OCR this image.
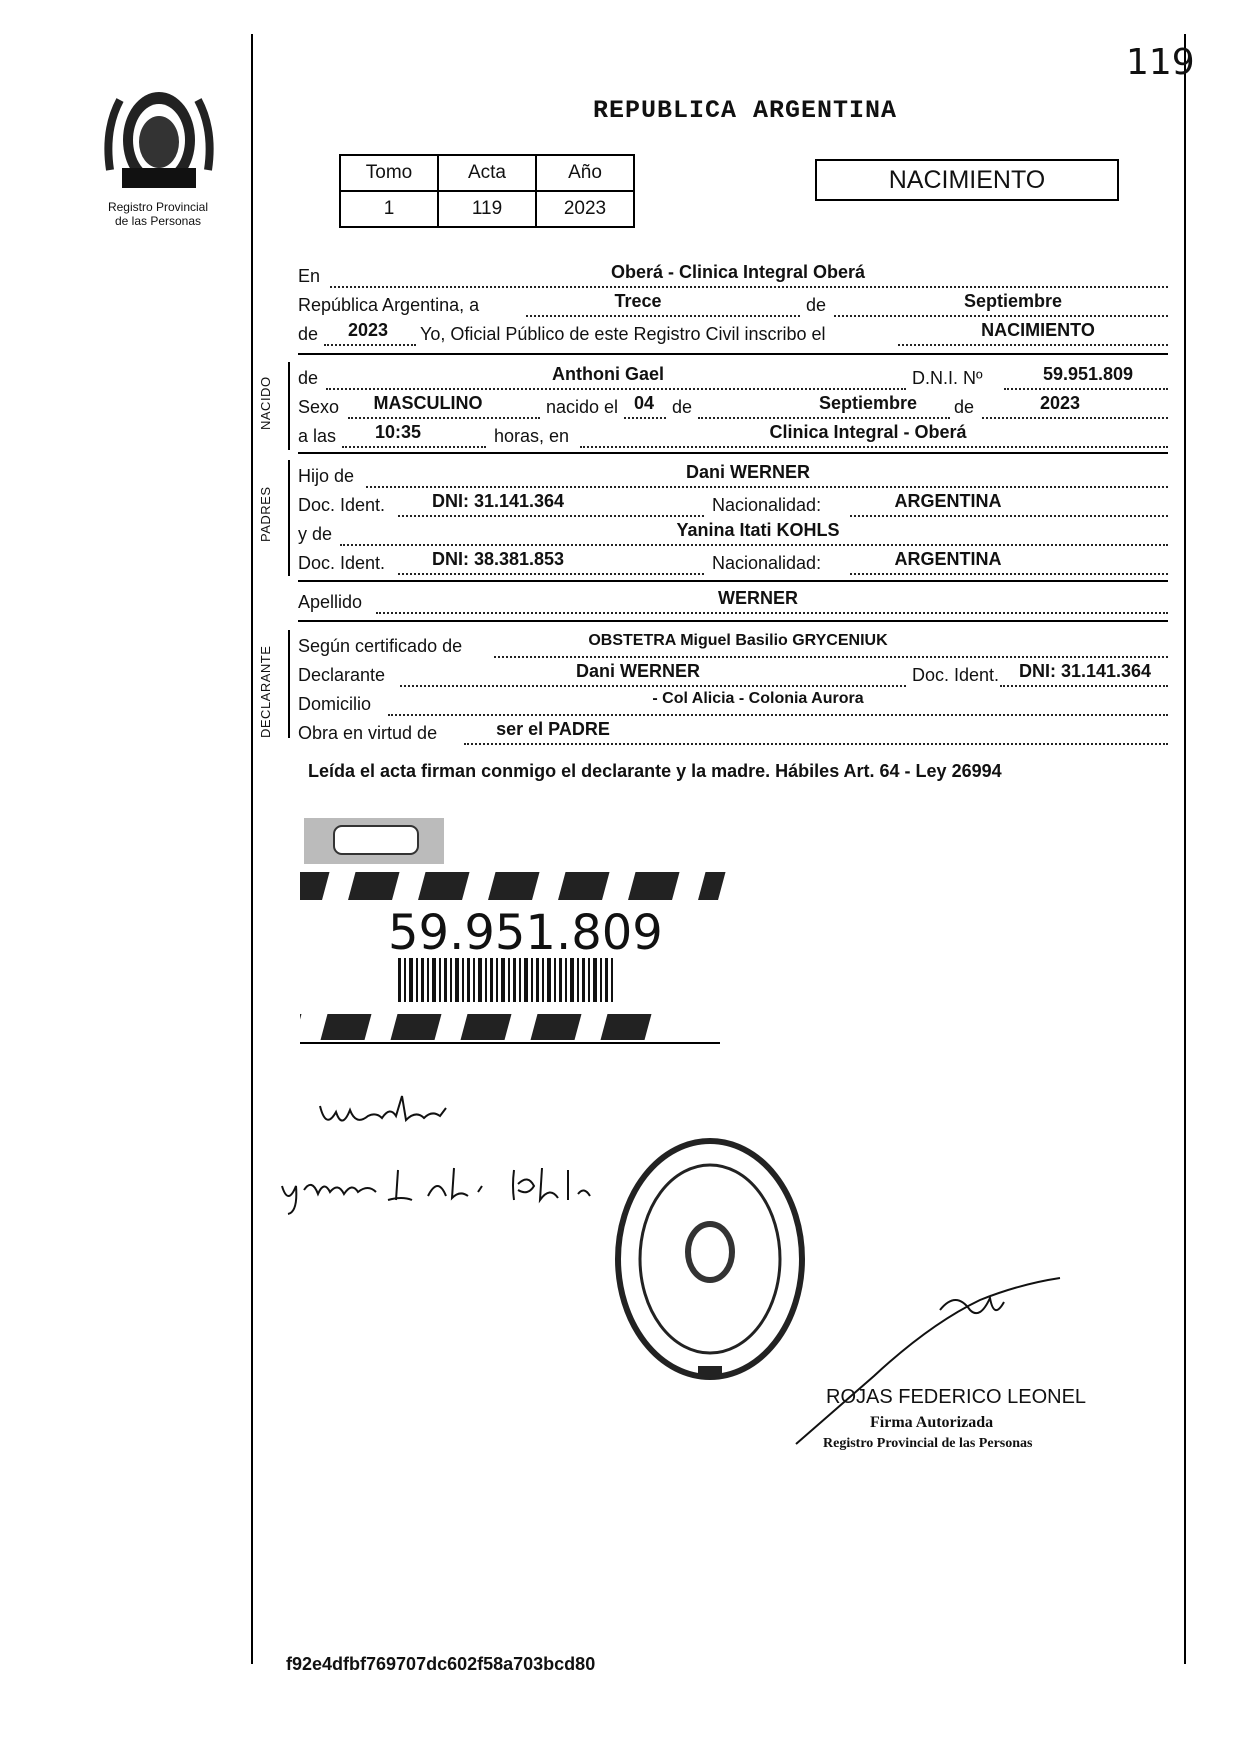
119
Registro Provincial
de las Personas
REPUBLICA ARGENTINA
Tomo	Acta	Año
1	119	2023
NACIMIENTO
En	Oberá - Clinica Integral Oberá
República Argentina, a	Trece	de	Septiembre
de	2023	Yo, Oficial Público de este Registro Civil inscribo el	NACIMIENTO
NACIDO de	Anthoni Gael	D.N.I. Nº	59.951.809
Sexo	MASCULINO	nacido el 04 de	Septiembre	de	2023
a las	10:35	horas, en	Clinica Integral - Oberá
PADRES
Hijo de	Dani WERNER
Doc. Ident.	DNI: 31.141.364	Nacionalidad:	ARGENTINA
y de	Yanina Itati KOHLS
Doc. Ident.	DNI: 38.381.853	Nacionalidad:	ARGENTINA
Apellido	WERNER
DECLARANTE Según certificado de	OBSTETRA Miguel Basilio GRYCENIUK
Declarante	Dani WERNER	Doc. Ident.	DNI: 31.141.364
Domicilio	- Col Alicia - Colonia Aurora
Obra en virtud de	ser el PADRE
Leída el acta firman conmigo el declarante y la madre. Hábiles Art. 64 - Ley 26994
59.951.809
ROJAS FEDERICO LEONEL
Firma Autorizada
Registro Provincial de las Personas
f92e4dfbf769707dc602f58a703bcd80
